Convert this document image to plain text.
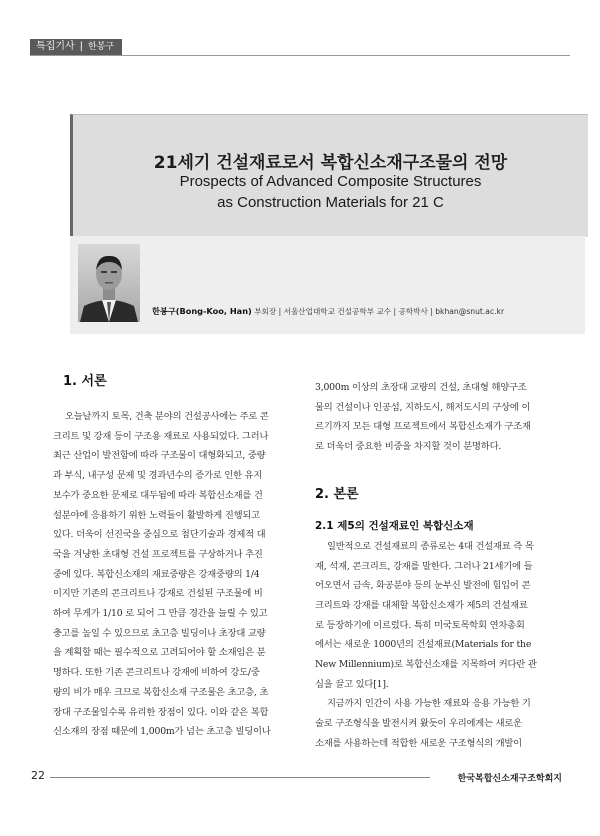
특집기사 | 한봉구
21세기 건설재료로서 복합신소재구조물의 전망
Prospects of Advanced Composite Structures
as Construction Materials for 21 C
한봉구(Bong-Koo, Han) 부회장 | 서울산업대학교 건설공학부 교수 | 공학박사 | bkhan@snut.ac.kr
1. 서론

오늘날까지 토목, 건축 분야의 건설공사에는 주로 콘

크리트 및 강재 등이 구조용 재료로 사용되었다. 그러나

최근 산업이 발전함에 따라 구조물이 대형화되고, 중량

과 부식, 내구성 문제 및 경과년수의 증가로 인한 유지

보수가 중요한 문제로 대두됨에 따라 복합신소재를 건

설분야에 응용하기 위한 노력들이 활발하게 진행되고

있다. 더욱이 선진국을 중심으로 첨단기술과 경제적 대

국을 겨냥한 초대형 건설 프로젝트를 구상하거나 추진

중에 있다. 복합신소재의 재료중량은 강재중량의 1/4

이지만 기존의 콘크리트나 강재로 건설된 구조물에 비

하여 무게가 1/10 로 되어 그 만큼 경간을 늘릴 수 있고

충고를 높일 수 있으므로 초고층 빌딩이나 초장대 교량

을 계획할 때는 필수적으로 고려되어야 할 소재임은 분

명하다. 또한 기존 콘크리트나 강재에 비하여 강도/중

량의 비가 매우 크므로 복합신소재 구조물은 초고층, 초

장대 구조물일수록 유리한 장점이 있다. 이와 같은 복합

신소재의 장점 때문에 1,000m가 넘는 초고층 빌딩이나

3,000m 이상의 초장대 교량의 건설, 초대형 해양구조

물의 건설이나 인공섬, 지하도시, 해저도시의 구상에 이

르기까지 모든 대형 프로젝트에서 복합신소재가 구조재

로 더욱더 중요한 비중을 차지할 것이 분명하다.

2. 본론
2.1 제5의 건설재료인 복합신소재

일반적으로 건설재료의 종류로는 4대 건설재료 즉 목

재, 석재, 콘크리트, 강재를 말한다. 그러나 21세기에 들

어오면서 금속, 화공분야 등의 눈부신 발전에 힘입어 콘

크리트와 강재를 대체할 복합신소재가 제5의 건설재료

로 등장하기에 이르렀다. 특히 미국토목학회 연차총회

에서는 새로운 1000년의 건설재료(Materials for the

New Millennium)로 복합신소재를 지목하여 커다란 관

심을 끌고 있다[1].

지금까지 인간이 사용 가능한 재료와 응용 가능한 기

술로 구조형식을 발전시켜 왔듯이 우리에게는 새로운

소재를 사용하는데 적합한 새로운 구조형식의 개발이

22	한국복합신소재구조학회지
